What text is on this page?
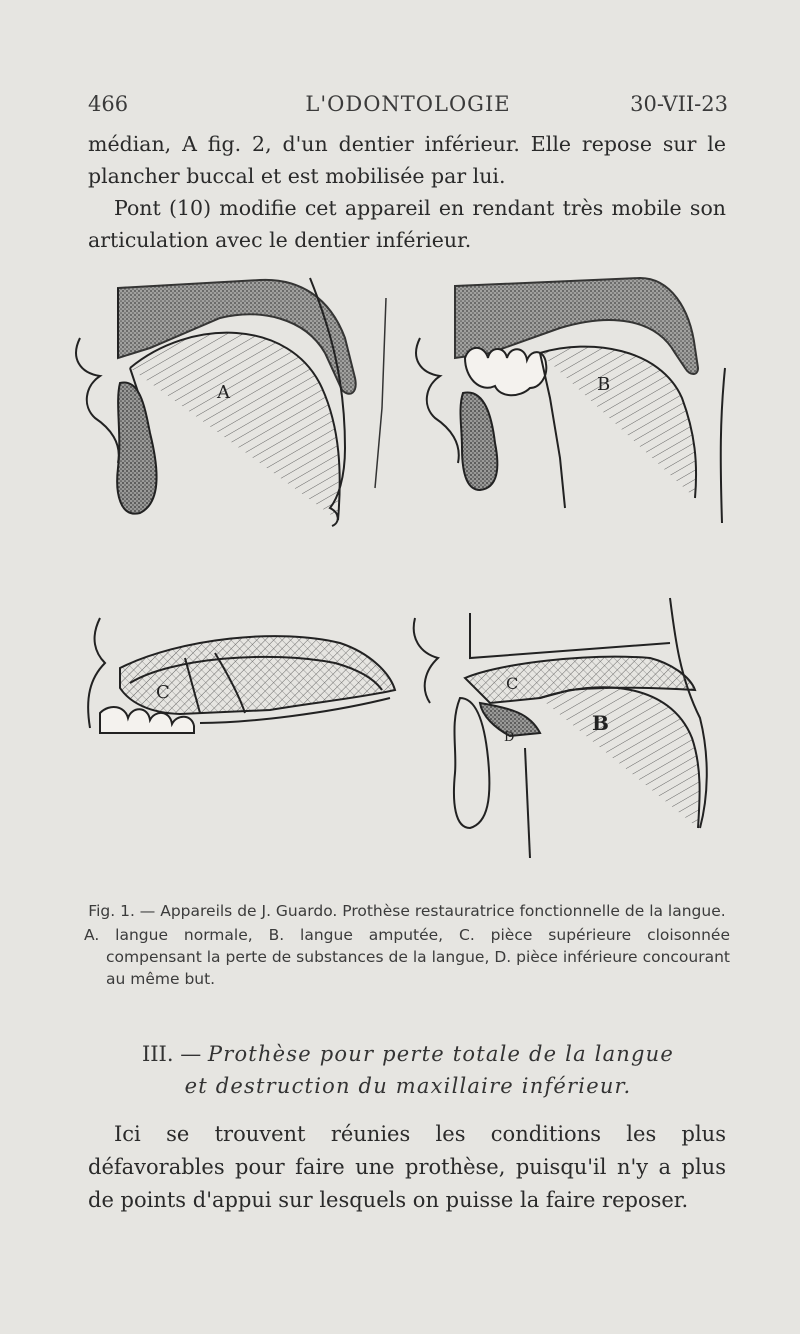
466	L'ODONTOLOGIE	30-VII-23
médian, A fig. 2, d'un dentier inférieur. Elle repose sur le plancher buccal et est mobilisée par lui.
Pont (10) modifie cet appareil en rendant très mobile son articulation avec le dentier inférieur.
A	B
C	C
D
B
Fig. 1. — Appareils de J. Guardo. Prothèse restauratrice fonctionnelle de la langue.
A. langue normale, B. langue amputée, C. pièce supérieure cloisonnée compensant la perte de substances de la langue, D. pièce inférieure concourant au même but.
III. — Prothèse pour perte totale de la langue
et destruction du maxillaire inférieur.
Ici se trouvent réunies les conditions les plus défavorables pour faire une prothèse, puisqu'il n'y a plus de points d'appui sur lesquels on puisse la faire reposer.
